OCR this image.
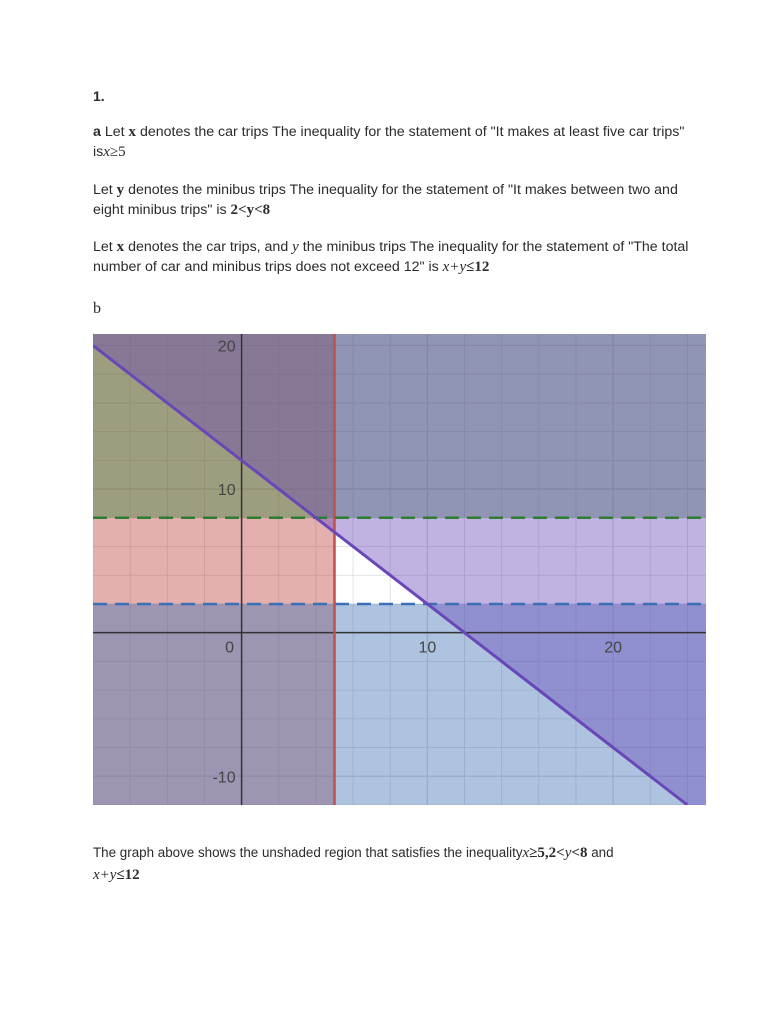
1.
a Let x denotes the car trips The inequality for the statement of "It makes at least five car trips" isx≥5
Let y denotes the minibus trips The inequality for the statement of "It makes between two and eight minibus trips" is 2<y<8
Let x denotes the car trips, and y the minibus trips The inequality for the statement of "The total number of car and minibus trips does not exceed 12" is x+y≤12
b
0	10	20
20
10
-10
The graph above shows the unshaded region that satisfies the inequalityx≥5,2<y<8 and
x+y≤12
